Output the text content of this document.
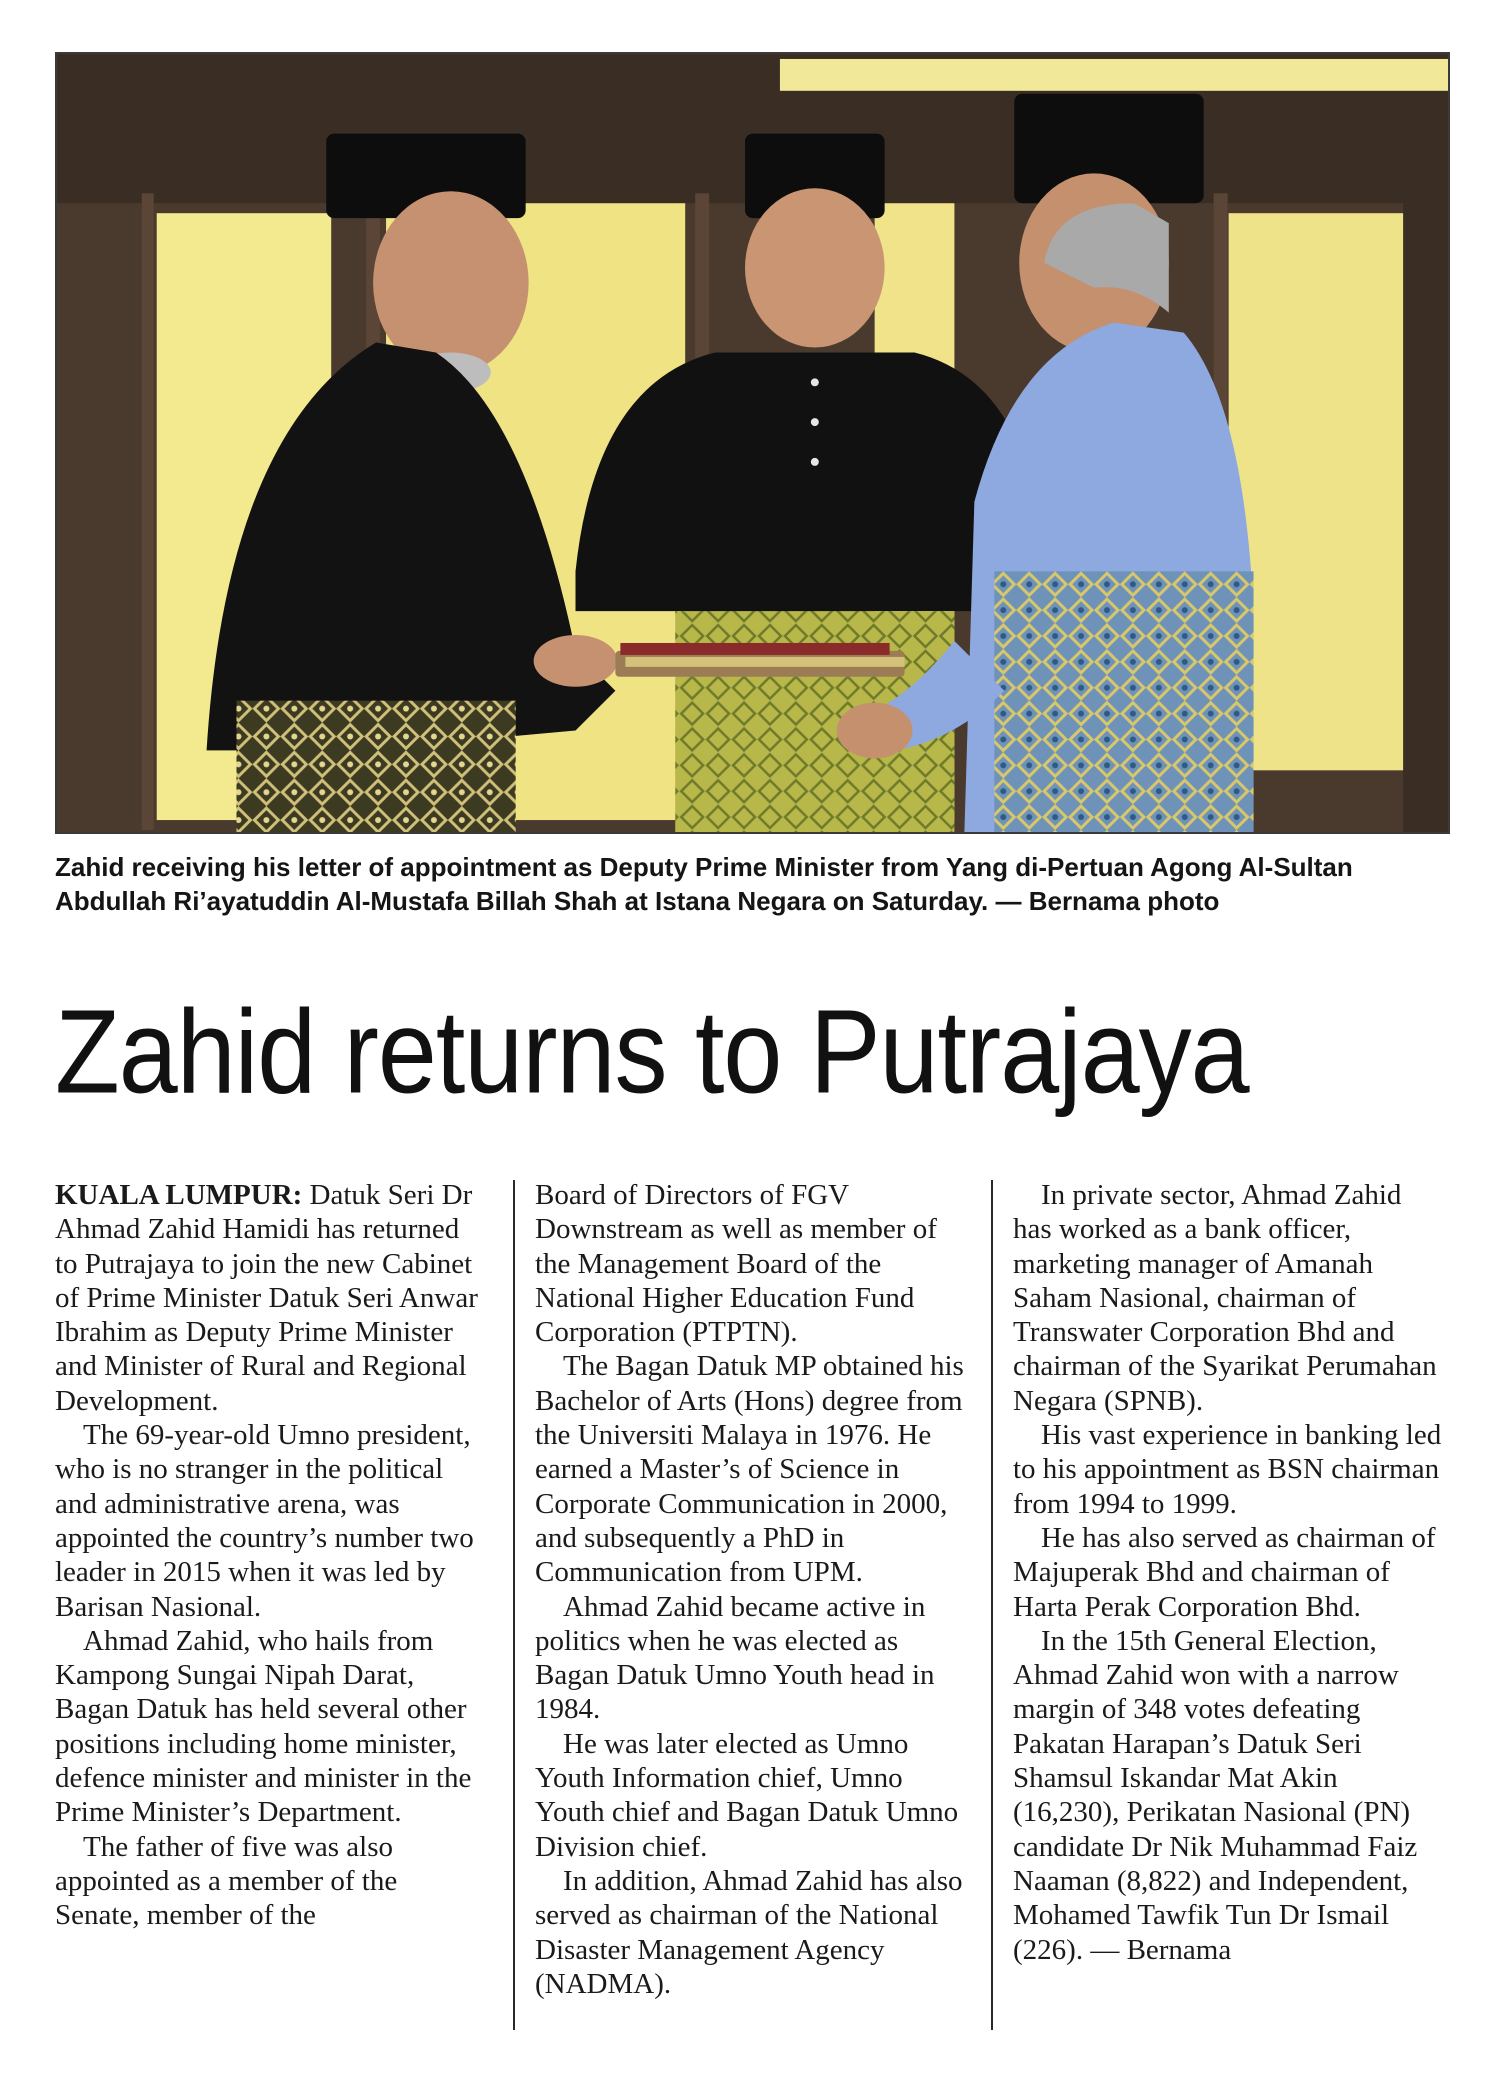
Zahid receiving his letter of appointment as Deputy Prime Minister from Yang di-Pertuan Agong Al-Sultan Abdullah Ri’ayatuddin Al-Mustafa Billah Shah at Istana Negara on Saturday. — Bernama photo
Zahid returns to Putrajaya

KUALA LUMPUR: Datuk Seri Dr Ahmad Zahid Hamidi has returned to Putrajaya to join the new Cabinet of Prime Minister Datuk Seri Anwar Ibrahim as Deputy Prime Minister and Minister of Rural and Regional Development.

The 69-year-old Umno president, who is no stranger in the political and administrative arena, was appointed the country’s number two leader in 2015 when it was led by Barisan Nasional.

Ahmad Zahid, who hails from Kampong Sungai Nipah Darat, Bagan Datuk has held several other positions including home minister, defence minister and minister in the Prime Minister’s Department.

The father of five was also appointed as a member of the Senate, member of the

Board of Directors of FGV Downstream as well as member of the Management Board of the National Higher Education Fund Corporation (PTPTN).

The Bagan Datuk MP obtained his Bachelor of Arts (Hons) degree from the Universiti Malaya in 1976. He earned a Master’s of Science in Corporate Communication in 2000, and subsequently a PhD in Communication from UPM.

Ahmad Zahid became active in politics when he was elected as Bagan Datuk Umno Youth head in 1984.

He was later elected as Umno Youth Information chief, Umno Youth chief and Bagan Datuk Umno Division chief.

In addition, Ahmad Zahid has also served as chairman of the National Disaster Management Agency (NADMA).

In private sector, Ahmad Zahid has worked as a bank officer, marketing manager of Amanah Saham Nasional, chairman of Transwater Corporation Bhd and chairman of the Syarikat Perumahan Negara (SPNB).

His vast experience in banking led to his appointment as BSN chairman from 1994 to 1999.

He has also served as chairman of Majuperak Bhd and chairman of Harta Perak Corporation Bhd.

In the 15th General Election, Ahmad Zahid won with a narrow margin of 348 votes defeating Pakatan Harapan’s Datuk Seri Shamsul Iskandar Mat Akin (16,230), Perikatan Nasional (PN) candidate Dr Nik Muhammad Faiz Naaman (8,822) and Independent, Mohamed Tawfik Tun Dr Ismail (226). — Bernama
